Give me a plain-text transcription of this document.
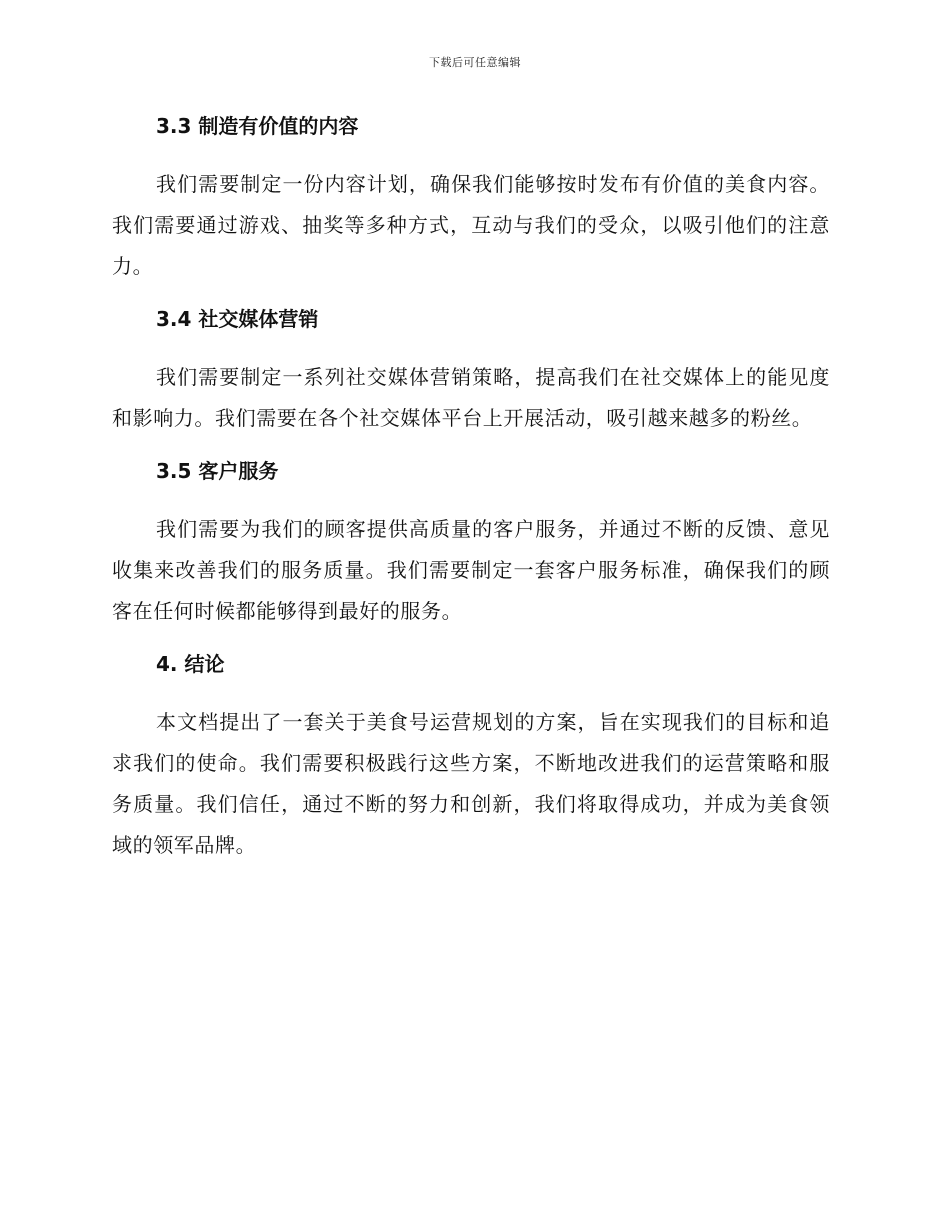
下载后可任意编辑
3.3 制造有价值的内容

我们需要制定一份内容计划，确保我们能够按时发布有价值的美食内容。我们需要通过游戏、抽奖等多种方式，互动与我们的受众，以吸引他们的注意力。

3.4 社交媒体营销

我们需要制定一系列社交媒体营销策略，提高我们在社交媒体上的能见度和影响力。我们需要在各个社交媒体平台上开展活动，吸引越来越多的粉丝。

3.5 客户服务

我们需要为我们的顾客提供高质量的客户服务，并通过不断的反馈、意见收集来改善我们的服务质量。我们需要制定一套客户服务标准，确保我们的顾客在任何时候都能够得到最好的服务。

4. 结论

本文档提出了一套关于美食号运营规划的方案，旨在实现我们的目标和追求我们的使命。我们需要积极践行这些方案，不断地改进我们的运营策略和服务质量。我们信任，通过不断的努力和创新，我们将取得成功，并成为美食领域的领军品牌。
